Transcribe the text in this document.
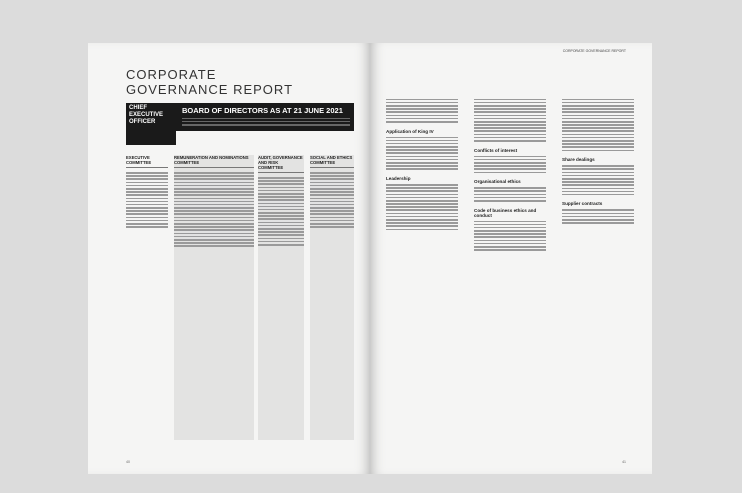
CORPORATE
GOVERNANCE REPORT
BOARD OF DIRECTORS AS AT 21 JUNE 2021
CHIEF EXECUTIVE OFFICER
EXECUTIVE COMMITTEE
REMUNERATION AND NOMINATIONS COMMITTEE
AUDIT, GOVERNANCE AND RISK COMMITTEE
SOCIAL AND ETHICS COMMITTEE
40
CORPORATE GOVERNANCE REPORT
Application of King IV
Leadership
Conflicts of interest
Organisational ethics
Code of business ethics and conduct
Share dealings
Supplier contracts
41
